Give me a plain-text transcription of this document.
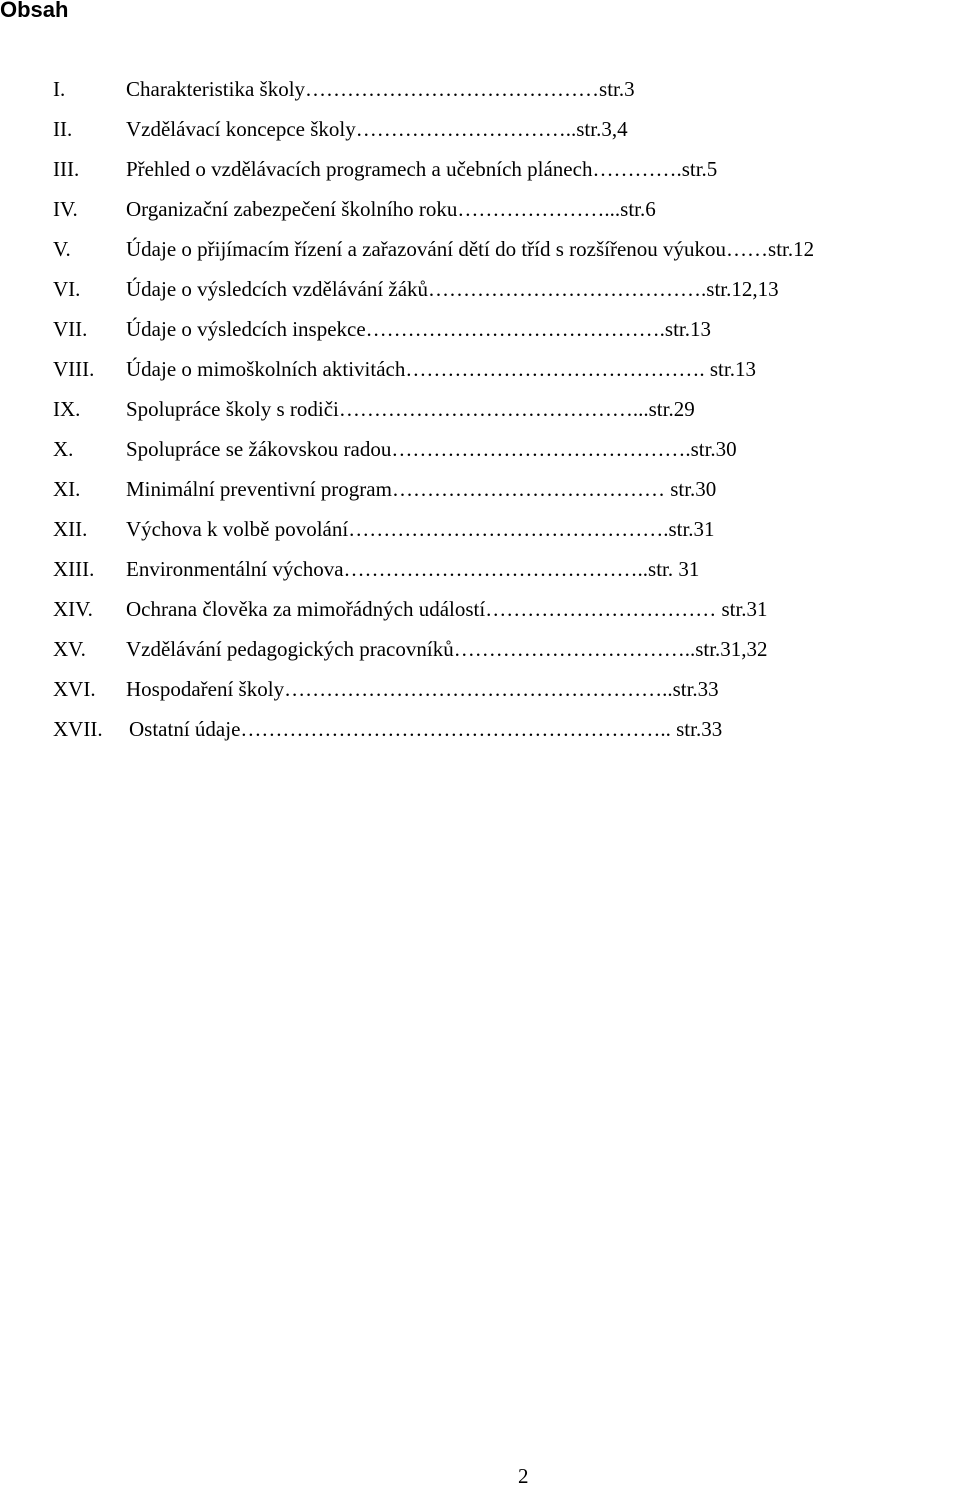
Obsah
I.	Charakteristika školy……………………………………str.3
II.	Vzdělávací koncepce školy…………………………..str.3,4
III. Přehled o vzdělávacích programech a učebních plánech………….str.5
IV. Organizační zabezpečení školního roku…………………...str.6
V.	Údaje o přijímacím řízení a zařazování dětí do tříd s rozšířenou výukou……str.12
VI. Údaje o výsledcích vzdělávání žáků………………………………….str.12,13
VII. Údaje o výsledcích inspekce…………………………………….str.13
VIII. Údaje o mimoškolních aktivitách……………………………………. str.13
IX. Spolupráce školy s rodiči……………………………………...str.29
X.	Spolupráce se žákovskou radou…………………………………….str.30
XI. Minimální preventivní program………………………………… str.30
XII. Výchova k volbě povolání……………………………………….str.31
XIII. Environmentální výchova……………………………………..str. 31
XIV. Ochrana člověka za mimořádných událostí…………………………… str.31
XV. Vzdělávání pedagogických pracovníků……………………………..str.31,32
XVI. Hospodaření školy………………………………………………..str.33
XVII. Ostatní údaje…………………………………………………….. str.33
2
